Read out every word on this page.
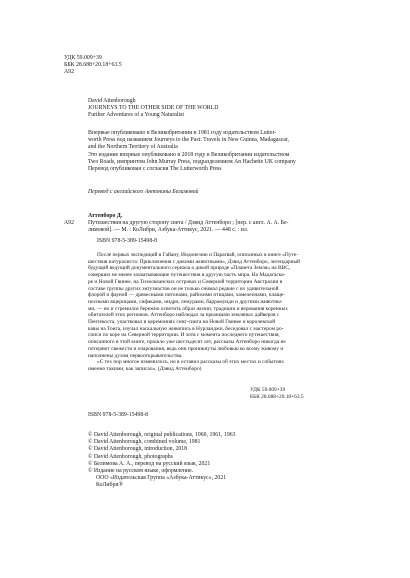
УДК 59.009+39

ББК 28.688+20.18+63.5

А92

David Attenborough

JOURNEYS TO THE OTHER SIDE OF THE WORLD

Further Adventures of a Young Naturalist

Впервые опубликовано в Великобритании в 1981 году издательством Lutter-

worth Press под названием Journeys to the Past: Travels in New Guinea, Madagascar,

and the Northern Territory of Australia

Это издание впервые опубликовано в 2018 году в Великобритании издательством

Two Roads, импринтом John Murray Press, подразделением An Hachette UK company

Перевод опубликован с согласия The Lutterworth Press

Перевод с английского Антонины Белимовой

Аттенборо Д.

А92	Путешествия на другую сторону света / Дэвид Аттенборо ; [пер. с англ. А. А. Бе-

лимовой]. — М. : КоЛибри, Азбука-Аттикус, 2021. — 448 с. : ил.

ISBN 978-5-389-15498-8

После первых экспедиций в Гайану, Индонезию и Парагвай, описанных в книге «Путе-

шествия натуралиста: Приключения с дикими животными», Дэвид Аттенборо, легендарный

будущий ведущий документального сериала о дикой природе «Планета Земля» на BBC,

совершил не менее захватывающие путешествия в другую часть мира. На Мадагаска-

ре и Новой Гвинее, на Тихоокеанских островах и Северной территории Австралии в

составе группы других энтузиастов он не только снимал редкие с их удивительной

флорой и фауной — древесными питонами, райскими птицами, хамелеонами, плаще-

носными ящерицами, сифаками, индри, лемурами, баррамунди и другими животны-

ми, — но и стремился бережно осветить образ жизни, традиции и верования коренных

обитателей этих регионов. Аттенборо наблюдал за прыжками земляных дайверов с

Пентекоста, участвовал в церемониях синг-синга на Новой Гвинее и королевской

кавы на Тонга, изучал наскальную живопись в Нурланджи, беседовал с мастером ро-

списи по коре на Северной территории. И хотя с момента последнего путешествия,

описанного в этой книге, прошло уже шестьдесят лет, рассказы Аттенборо никогда не

потеряют свежести и очарования, ведь они проникнуты любовью ко всему живому и

наполнены духом первооткрывательства.

«С тех пор многое изменилось, но я оставил рассказы об этих местах и событиях

именно такими, как записал». (Дэвид Аттенборо)

УДК 59.009+39

ББК 28.688+20.18+63.5

ISBN 978-5-389-15498-8

© David Attenborough, original publications, 1960, 1961, 1963

© David Attenborough, combined volume, 1981

© David Attenborough, introduction, 2018

© David Attenborough, photographs

© Белимова А. А., перевод на русский язык, 2021

© Издание на русском языке, оформление.

ООО «Издательская Группа «Азбука-Аттикус», 2021

КоЛибри®
